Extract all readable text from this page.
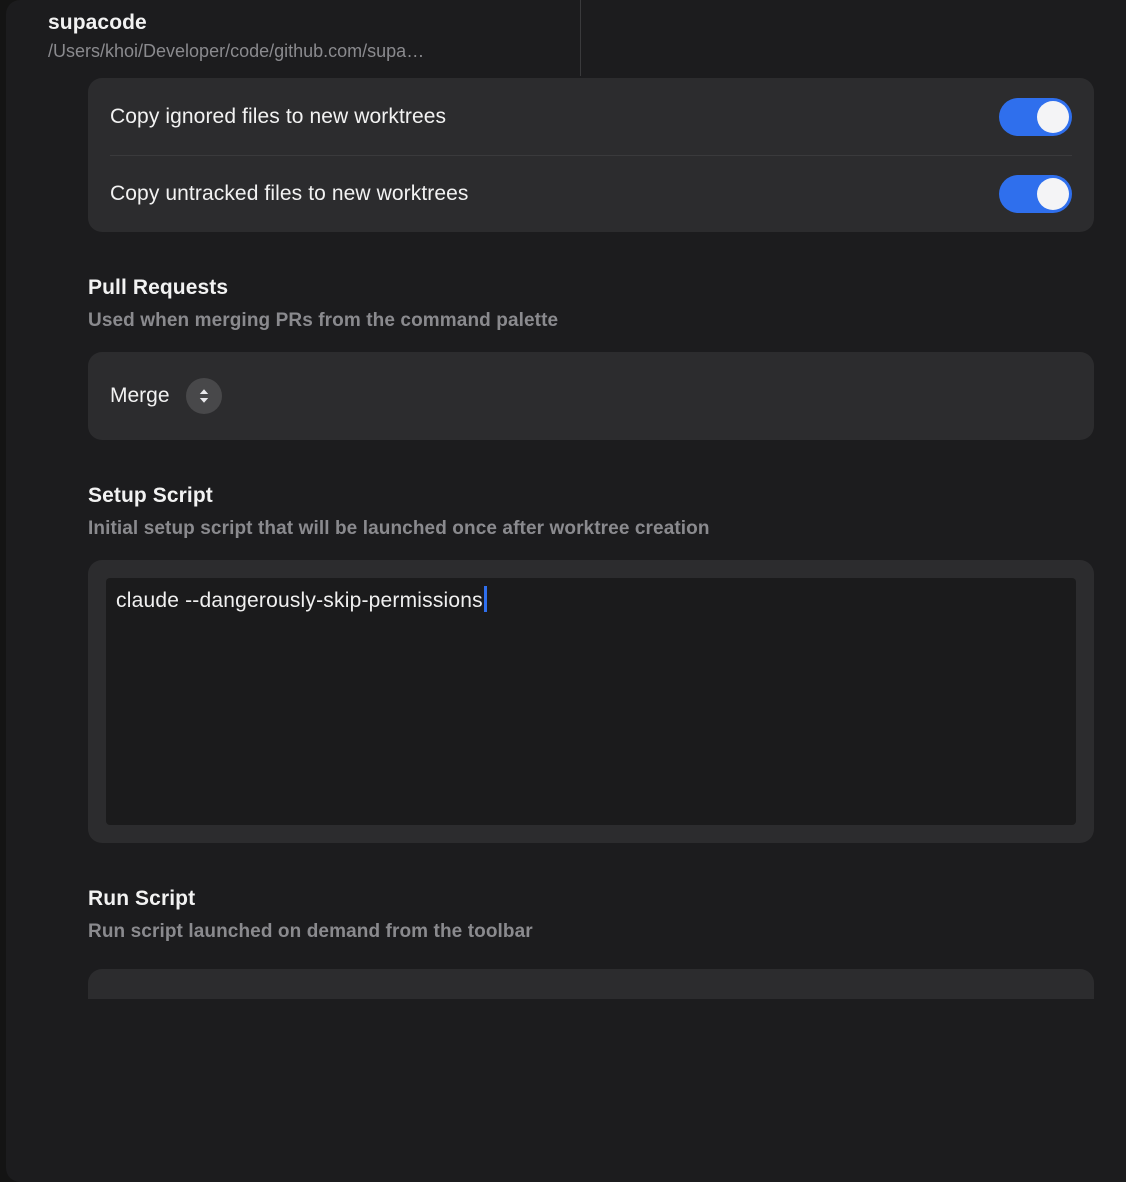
supacode
/Users/khoi/Developer/code/github.com/supa…
Copy ignored files to new worktrees
Copy untracked files to new worktrees
Pull Requests
Used when merging PRs from the command palette
Merge
Setup Script
Initial setup script that will be launched once after worktree creation
claude --dangerously-skip-permissions
Run Script
Run script launched on demand from the toolbar
